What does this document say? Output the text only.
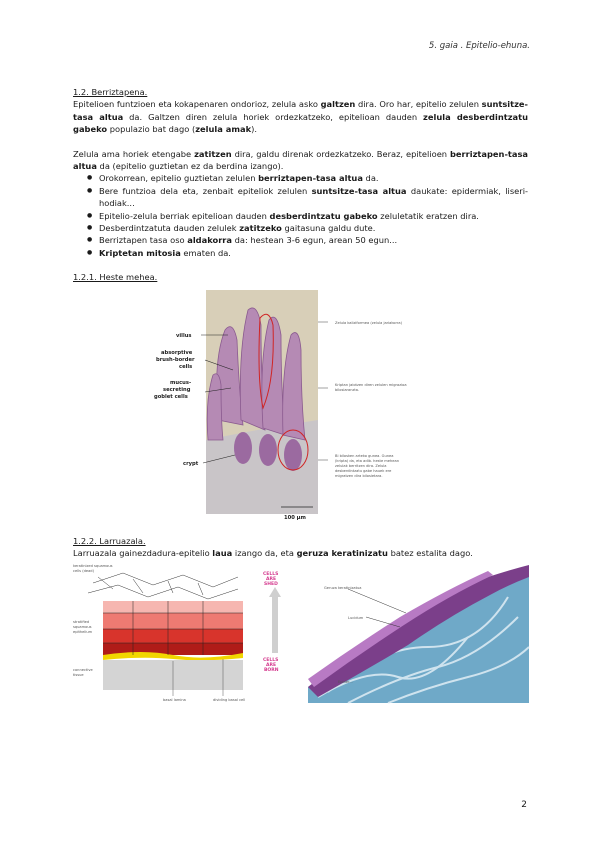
5. gaia . Epitelio-ehuna.

1.2. Berriztapena.

Epitelioen funtzioen eta kokapenaren ondorioz, zelula asko galtzen dira. Oro har, epitelio zelulen suntsitze-tasa altua da. Galtzen diren zelula horiek ordezkatzeko, epitelioan dauden zelula desberdintzatu gabeko populazio bat dago (zelula amak).

Zelula ama horiek etengabe zatitzen dira, galdu direnak ordezkatzeko. Beraz, epitelioen berriztapen-tasa altua da (epitelio guztietan ez da berdina izango).

● Orokorrean, epitelio guztietan zelulen berriztapen-tasa altua da.
● Bere funtzioa dela eta, zenbait epiteliok zelulen suntsitze-tasa altua daukate: epidermiak, liseri-hodiak...
● Epitelio-zelula berriak epitelioan dauden desberdintzatu gabeko zeluletatik eratzen dira.
● Desberdintzatuta dauden zelulek zatitzeko gaitasuna galdu dute.
● Berriztapen tasa oso aldakorra da: hestean 3-6 egun, arean 50 egun...
● Kriptetan mitosia ematen da.

1.2.1. Heste mehea.

villus
absorptive
brush-border
cells
mucus-
secreting
goblet cells
crypt
100 µm
Zelula kaliziformea (zelula jariakorra)
Kriptan jaiotzen diren zelulen migrazioa
bilosiaranzta.
Bi bilosken arteko gunea. Gunea
(kripta) da, eta adib. heste mehean
zelulak berritzen dira. Zelula
desberdintzatu gabe hauek ere
migratzen dira bilosietara.

1.2.2. Larruazala.

Larruazala gainezdadura-epitelio laua izango da, eta geruza keratinizatu batez estalita dago.

keratinized squamous
cells (dead)
stratified
squamous
epithelium
connective
tissue
CELLS
ARE
SHED
CELLS
ARE
BORN
basal lamina	dividing basal cell
Geruza keratinizatua
Lucidum
Epider...
2
